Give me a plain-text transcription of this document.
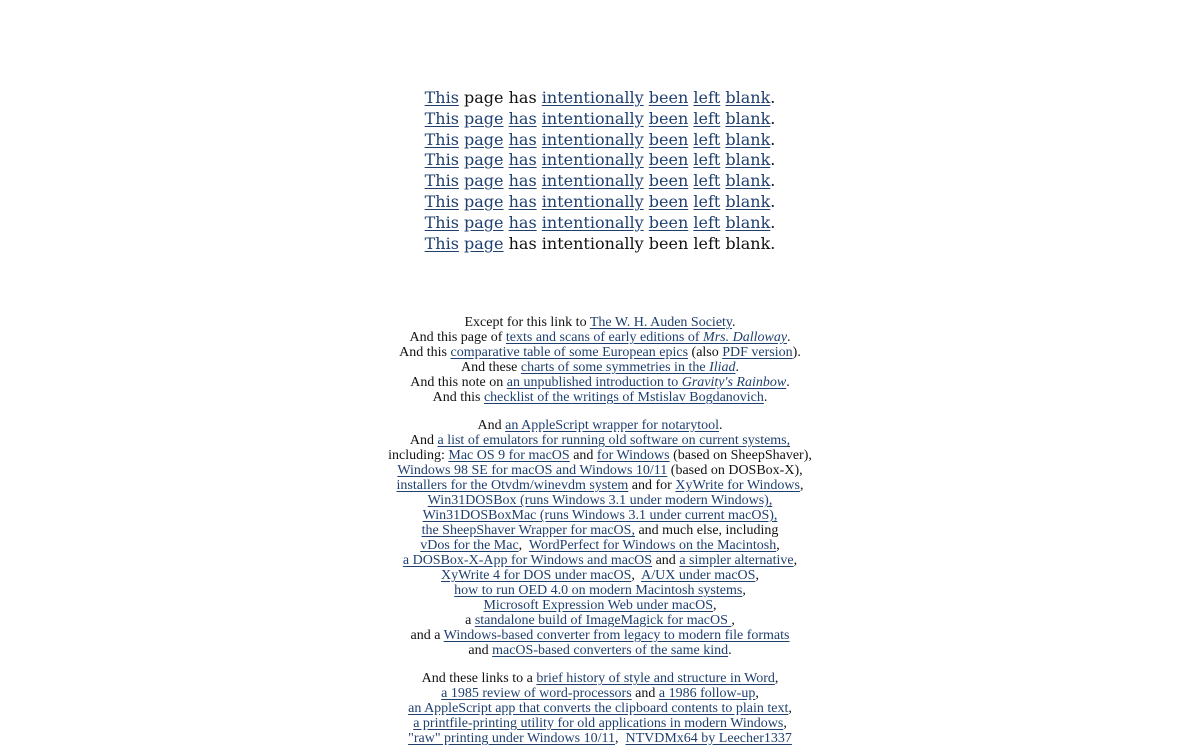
This page has intentionally been left blank.
This page has intentionally been left blank.
This page has intentionally been left blank.
This page has intentionally been left blank.
This page has intentionally been left blank.
This page has intentionally been left blank.
This page has intentionally been left blank.
This page has intentionally been left blank.
Except for this link to The W. H. Auden Society.
And this page of texts and scans of early editions of Mrs. Dalloway.
And this comparative table of some European epics (also PDF version).
And these charts of some symmetries in the Iliad.
And this note on an unpublished introduction to Gravity's Rainbow.
And this checklist of the writings of Mstislav Bogdanovich.
And an AppleScript wrapper for notarytool.
And a list of emulators for running old software on current systems,
including: Mac OS 9 for macOS and for Windows (based on SheepShaver),
Windows 98 SE for macOS and Windows 10/11 (based on DOSBox-X),
installers for the Otvdm/winevdm system and for XyWrite for Windows,
Win31DOSBox (runs Windows 3.1 under modern Windows),
Win31DOSBoxMac (runs Windows 3.1 under current macOS),
the SheepShaver Wrapper for macOS, and much else, including
vDos for the Mac,  WordPerfect for Windows on the Macintosh,
a DOSBox-X-App for Windows and macOS and a simpler alternative,
XyWrite 4 for DOS under macOS,  A/UX under macOS,
how to run OED 4.0 on modern Macintosh systems,
Microsoft Expression Web under macOS,
a standalone build of ImageMagick for macOS ,
and a Windows-based converter from legacy to modern file formats
and macOS-based converters of the same kind.
And these links to a brief history of style and structure in Word,
a 1985 review of word-processors and a 1986 follow-up,
an AppleScript app that converts the clipboard contents to plain text,
a printfile-printing utility for old applications in modern Windows,
"raw" printing under Windows 10/11,  NTVDMx64 by Leecher1337
